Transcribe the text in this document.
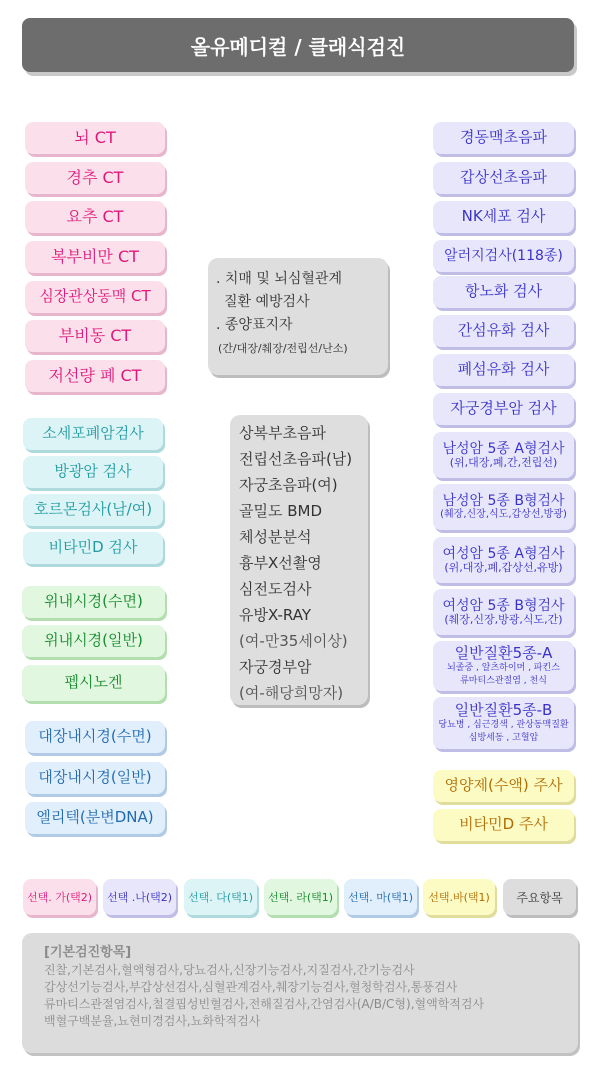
올유메디컬 / 클래식검진
뇌 CT
경추 CT
요추 CT
복부비만 CT
심장관상동맥 CT
부비동 CT
저선량 폐 CT
소세포폐암검사
방광암 검사
호르몬검사(남/여)
비타민D 검사
위내시경(수면)
위내시경(일반)
펩시노겐
대장내시경(수면)
대장내시경(일반)
엘리텍(분변DNA)
. 치매 및 뇌심혈관계
질환 예방검사
. 종양표지자
(간/대장/췌장/전립선/난소)
상복부초음파
전립선초음파(남)
자궁초음파(여)
골밀도 BMD
체성분분석
흉부X선촬영
심전도검사
유방X-RAY
(여-만35세이상)
자궁경부암
(여-해당희망자)
경동맥초음파
갑상선초음파
NK세포 검사
알러지검사(118종)
항노화 검사
간섬유화 검사
폐섬유화 검사
자궁경부암 검사
남성암 5종 A형검사
(위,대장,폐,간,전립선)
남성암 5종 B형검사
(췌장,신장,식도,갑상선,방광)
여성암 5종 A형검사
(위,대장,폐,갑상선,유방)
여성암 5종 B형검사
(췌장,신장,방광,식도,간)
일반질환5종-A
뇌졸중 , 알츠하이머 , 파킨스
류마티스관절염 , 천식
일반질환5종-B
당뇨병 , 심근경색 , 관상동맥질환
심방세동 , 고혈압
영양제(수액) 주사
비타민D 주사
선택. 가(택2) 선택 .나(택2) 선택. 다(택1) 선택. 라(택1) 선택. 마(택1) 선택.바(택1) 주요항목
[기본검진항목]
진찰,기본검사,혈액형검사,당뇨검사,신장기능검사,지질검사,간기능검사
갑상선기능검사,부갑상선검사,심혈관계검사,췌장기능검사,혈청학검사,통풍검사
류마티스관절염검사,철결핍성빈혈검사,전해질검사,간염검사(A/B/C형),혈액학적검사
백혈구백분율,뇨현미경검사,뇨화학적검사
